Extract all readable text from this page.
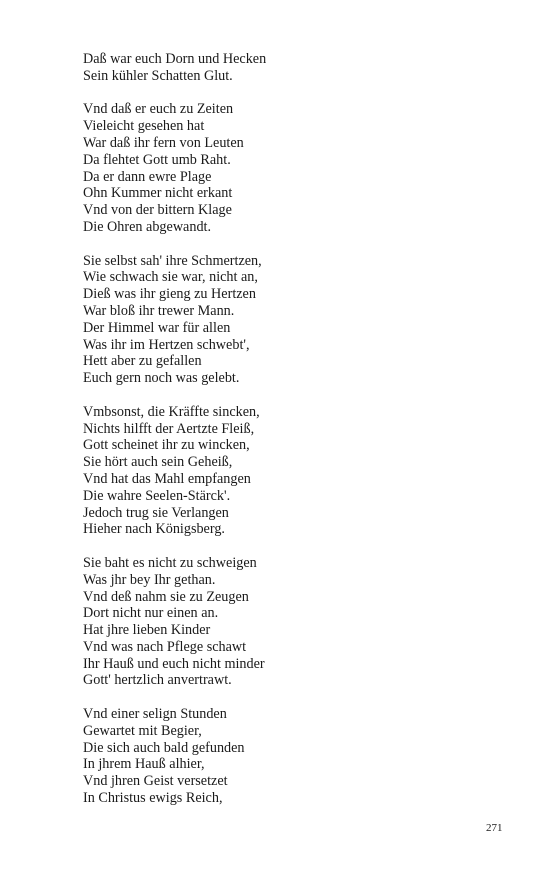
Daß war euch Dorn und Hecken
Sein kühler Schatten Glut.
Vnd daß er euch zu Zeiten
Vieleicht gesehen hat
War daß ihr fern von Leuten
Da flehtet Gott umb Raht.
Da er dann ewre Plage
Ohn Kummer nicht erkant
Vnd von der bittern Klage
Die Ohren abgewandt.
Sie selbst sah' ihre Schmertzen,
Wie schwach sie war, nicht an,
Dieß was ihr gieng zu Hertzen
War bloß ihr trewer Mann.
Der Himmel war für allen
Was ihr im Hertzen schwebt',
Hett aber zu gefallen
Euch gern noch was gelebt.
Vmbsonst, die Kräffte sincken,
Nichts hilfft der Aertzte Fleiß,
Gott scheinet ihr zu wincken,
Sie hört auch sein Geheiß,
Vnd hat das Mahl empfangen
Die wahre Seelen-Stärck'.
Jedoch trug sie Verlangen
Hieher nach Königsberg.
Sie baht es nicht zu schweigen
Was jhr bey Ihr gethan.
Vnd deß nahm sie zu Zeugen
Dort nicht nur einen an.
Hat jhre lieben Kinder
Vnd was nach Pflege schawt
Ihr Hauß und euch nicht minder
Gott' hertzlich anvertrawt.
Vnd einer selign Stunden
Gewartet mit Begier,
Die sich auch bald gefunden
In jhrem Hauß alhier,
Vnd jhren Geist versetzet
In Christus ewigs Reich,
271
